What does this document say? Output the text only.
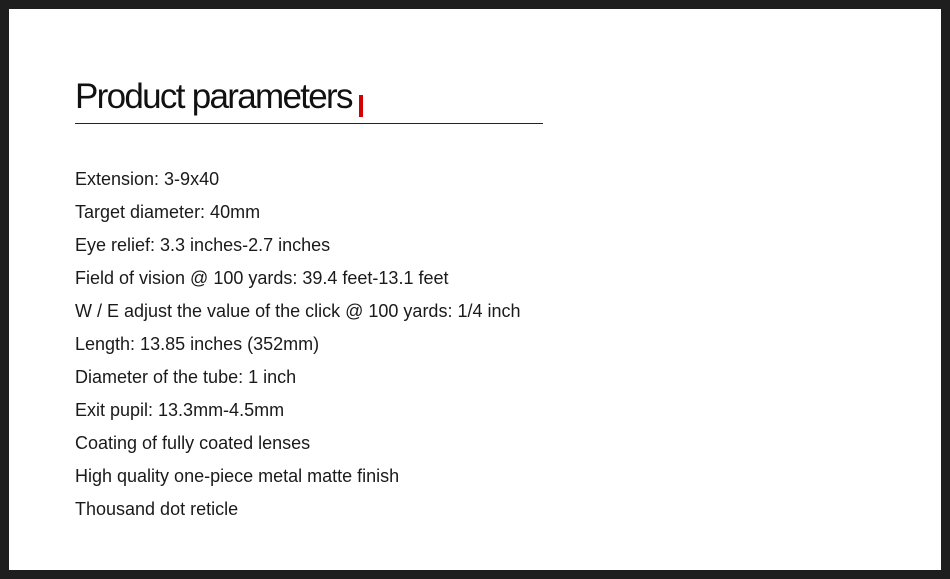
Product parameters
Extension: 3-9x40
Target diameter: 40mm
Eye relief: 3.3 inches-2.7 inches
Field of vision @ 100 yards: 39.4 feet-13.1 feet
W / E adjust the value of the click @ 100 yards: 1/4 inch
Length: 13.85 inches (352mm)
Diameter of the tube: 1 inch
Exit pupil: 13.3mm-4.5mm
Coating of fully coated lenses
High quality one-piece metal matte finish
Thousand dot reticle
